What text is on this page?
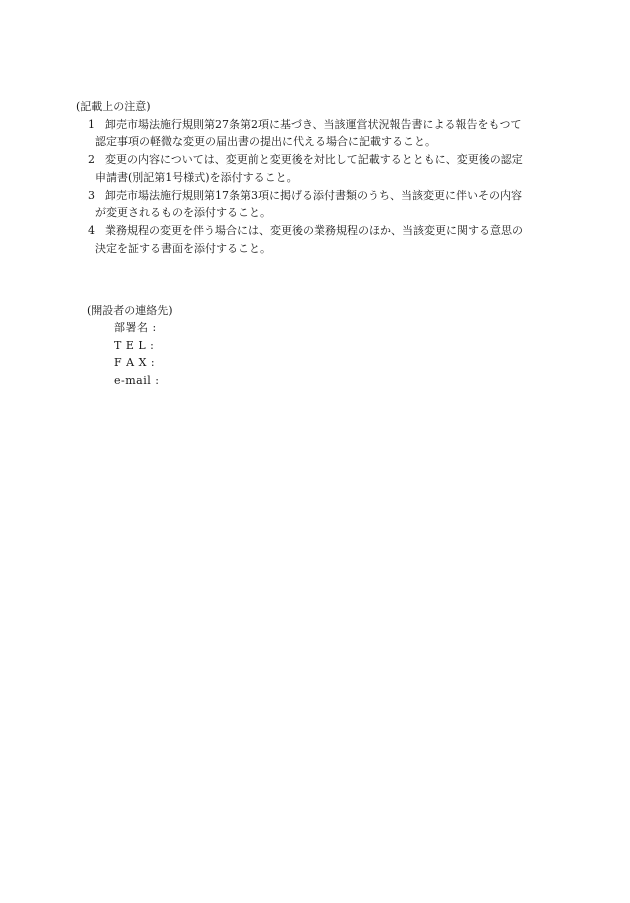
(記載上の注意)
1 卸売市場法施行規則第27条第2項に基づき、当該運営状況報告書による報告をもつて
認定事項の軽微な変更の届出書の提出に代える場合に記載すること。
2 変更の内容については、変更前と変更後を対比して記載するとともに、変更後の認定
申請書(別記第1号様式)を添付すること。
3 卸売市場法施行規則第17条第3項に掲げる添付書類のうち、当該変更に伴いその内容
が変更されるものを添付すること。
4 業務規程の変更を伴う場合には、変更後の業務規程のほか、当該変更に関する意思の
決定を証する書面を添付すること。
(開設者の連絡先)
部署名 :
T E L :
F A X :
e-mail :
